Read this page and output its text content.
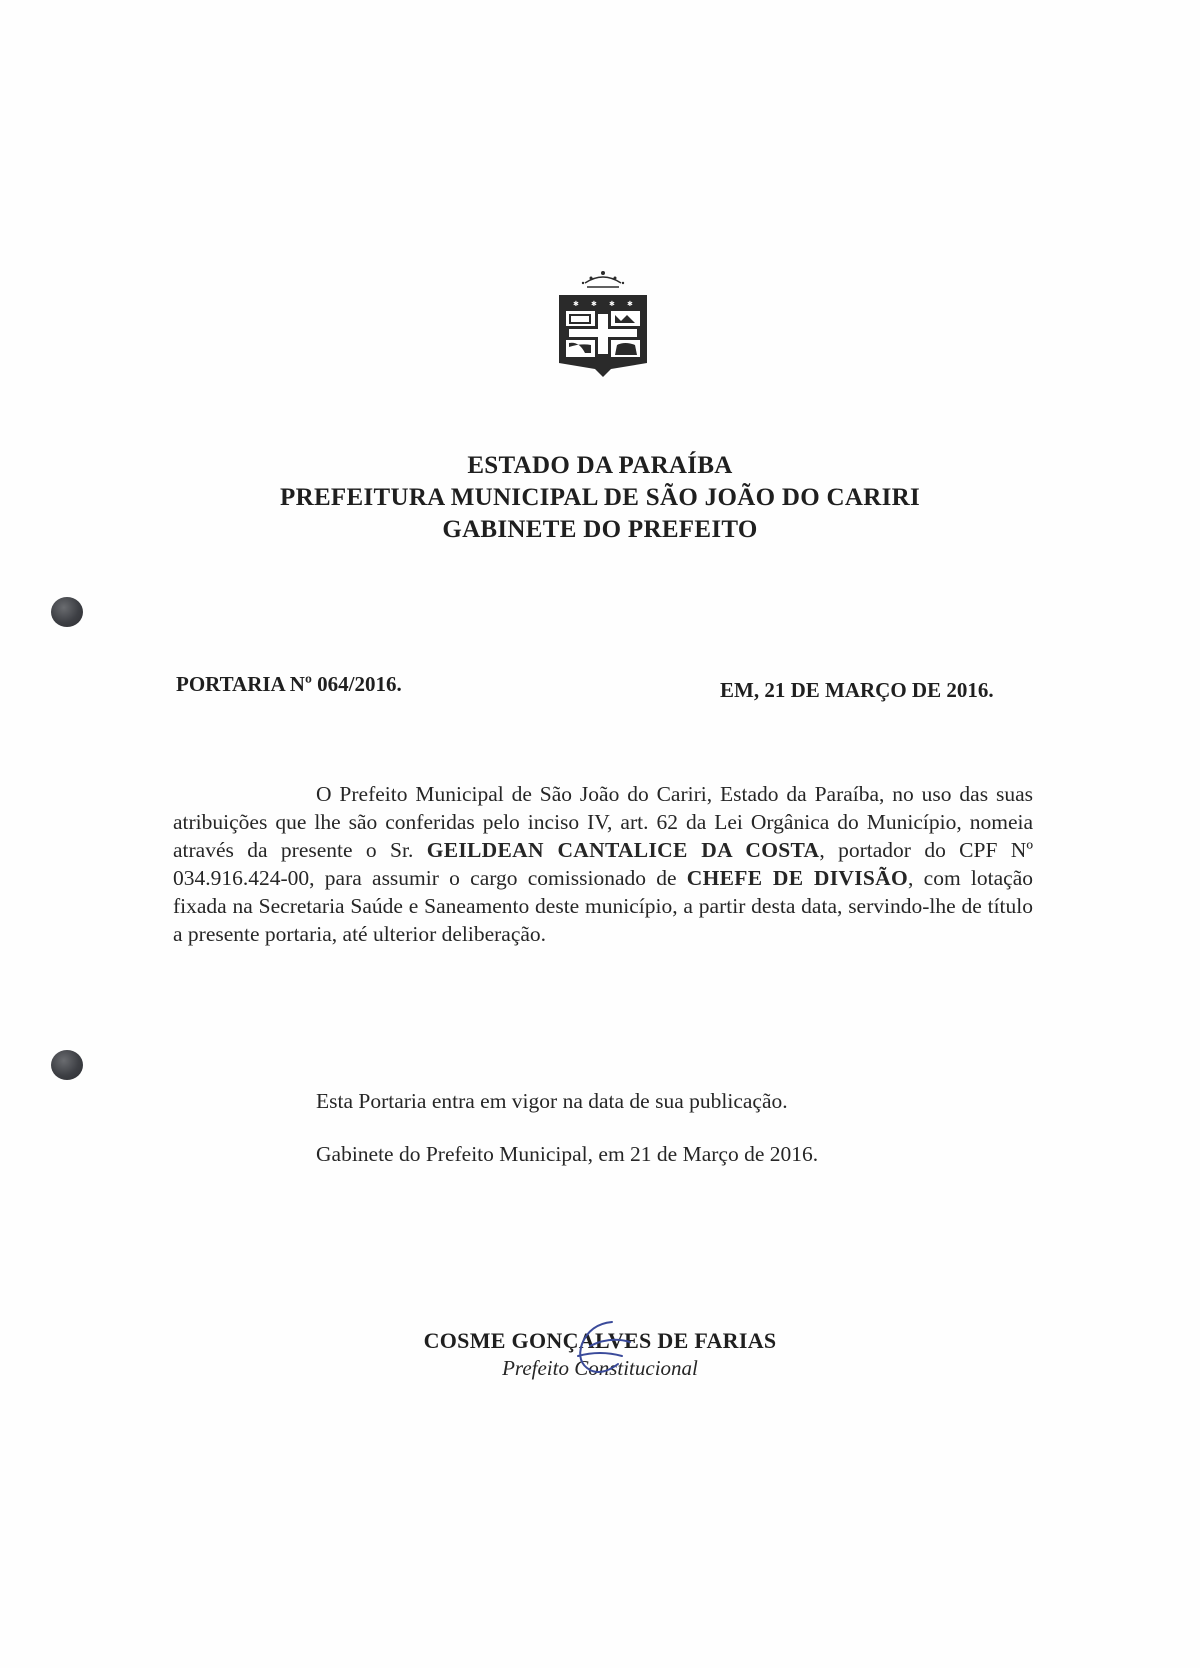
✱ ✱ ✱ ✱
ESTADO DA PARAÍBA
PREFEITURA MUNICIPAL DE SÃO JOÃO DO CARIRI
GABINETE DO PREFEITO
PORTARIA Nº 064/2016.	EM, 21 DE MARÇO DE 2016.
O Prefeito Municipal de São João do Cariri, Estado da Paraíba, no uso das suas atribuições que lhe são conferidas pelo inciso IV, art. 62 da Lei Orgânica do Município, nomeia através da presente o Sr. GEILDEAN CANTALICE DA COSTA, portador do CPF Nº 034.916.424-00, para assumir o cargo comissionado de CHEFE DE DIVISÃO, com lotação fixada na Secretaria Saúde e Saneamento deste município, a partir desta data, servindo-lhe de título a presente portaria, até ulterior deliberação.
Esta Portaria entra em vigor na data de sua publicação.
Gabinete do Prefeito Municipal, em 21 de Março de 2016.
COSME GONÇALVES DE FARIAS
Prefeito Constitucional
